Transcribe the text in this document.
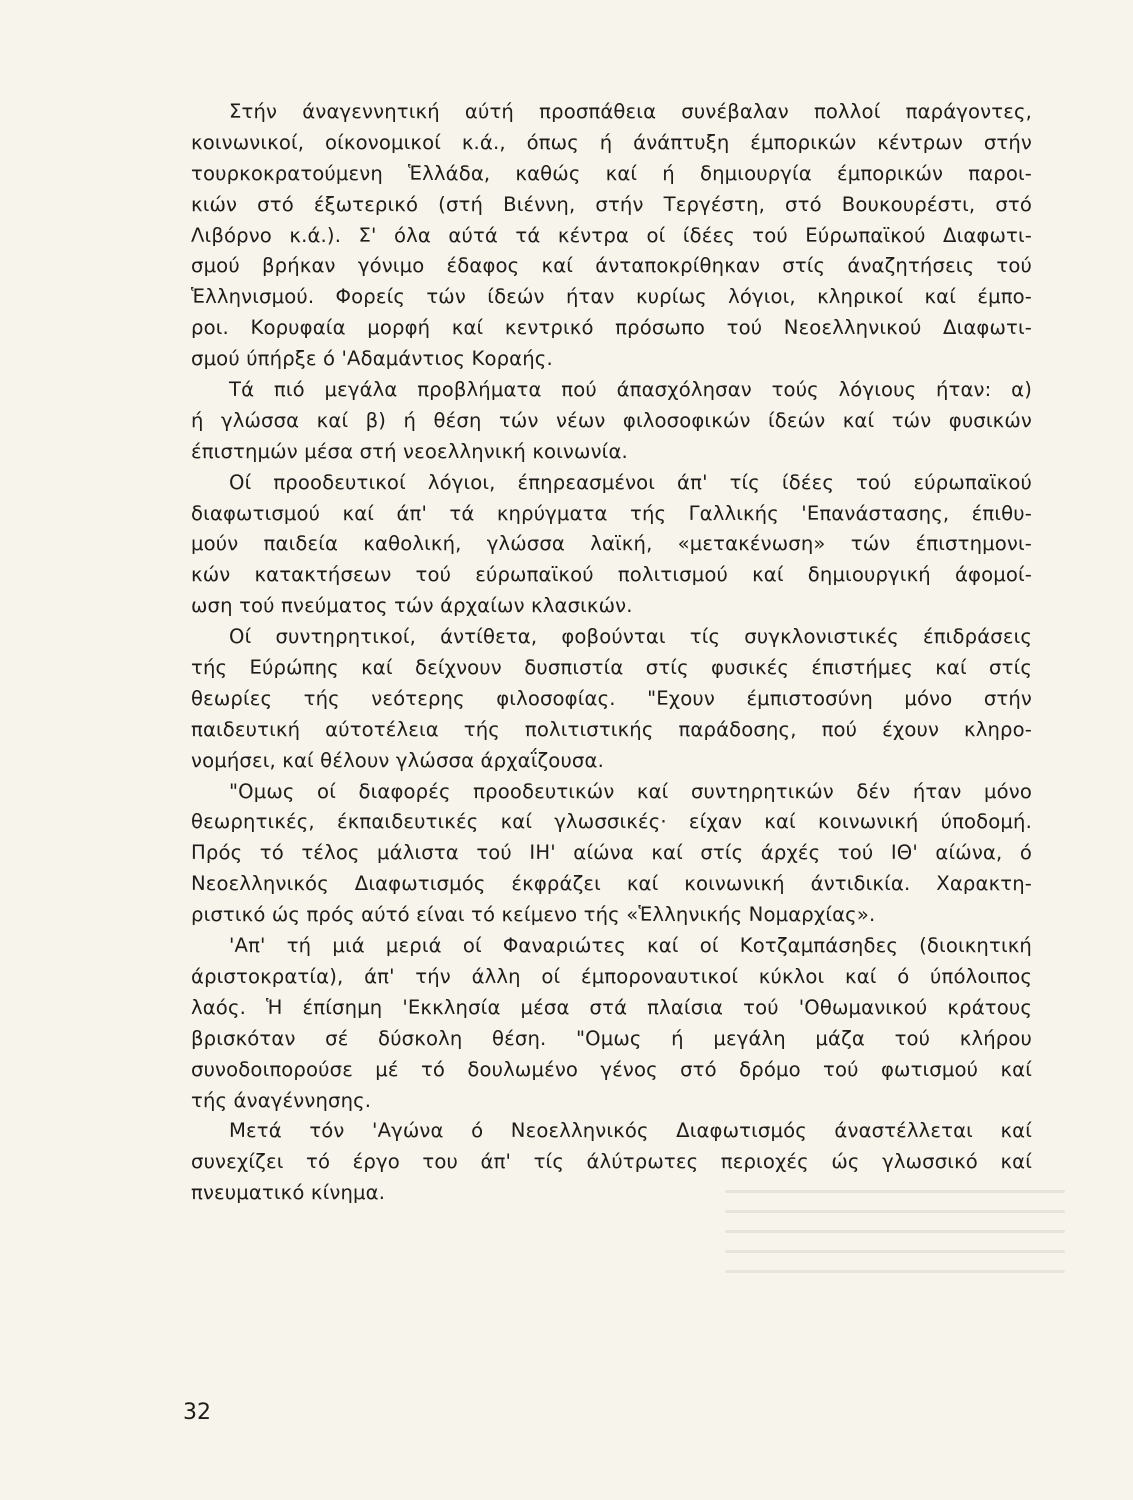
Στήν άναγεννητική αύτή προσπάθεια συνέβαλαν πολλοί παράγοντες,
κοινωνικοί, οίκονομικοί κ.ά., όπως ή άνάπτυξη έμπορικών κέντρων στήν
τουρκοκρατούμενη Ἑλλάδα, καθώς καί ή δημιουργία έμπορικών παροι-
κιών στό έξωτερικό (στή Βιέννη, στήν Τεργέστη, στό Βουκουρέστι, στό
Λιβόρνο κ.ά.). Σ' όλα αύτά τά κέντρα οί ίδέες τού Εύρωπαϊκού Διαφωτι-
σμού βρήκαν γόνιμο έδαφος καί άνταποκρίθηκαν στίς άναζητήσεις τού
Ἑλληνισμού. Φορείς τών ίδεών ήταν κυρίως λόγιοι, κληρικοί καί έμπο-
ροι. Κορυφαία μορφή καί κεντρικό πρόσωπο τού Νεοελληνικού Διαφωτι-
σμού ύπήρξε ό 'Αδαμάντιος Κοραής.
Τά πιό μεγάλα προβλήματα πού άπασχόλησαν τούς λόγιους ήταν: α)
ή γλώσσα καί β) ή θέση τών νέων φιλοσοφικών ίδεών καί τών φυσικών
έπιστημών μέσα στή νεοελληνική κοινωνία.
Οί προοδευτικοί λόγιοι, έπηρεασμένοι άπ' τίς ίδέες τού εύρωπαϊκού
διαφωτισμού καί άπ' τά κηρύγματα τής Γαλλικής 'Επανάστασης, έπιθυ-
μούν παιδεία καθολική, γλώσσα λαϊκή, «μετακένωση» τών έπιστημονι-
κών κατακτήσεων τού εύρωπαϊκού πολιτισμού καί δημιουργική άφομοί-
ωση τού πνεύματος τών άρχαίων κλασικών.
Οί συντηρητικοί, άντίθετα, φοβούνται τίς συγκλονιστικές έπιδράσεις
τής Εύρώπης καί δείχνουν δυσπιστία στίς φυσικές έπιστήμες καί στίς
θεωρίες τής νεότερης φιλοσοφίας. "Εχουν έμπιστοσύνη μόνο στήν
παιδευτική αύτοτέλεια τής πολιτιστικής παράδοσης, πού έχουν κληρο-
νομήσει, καί θέλουν γλώσσα άρχαΐζουσα.
"Ομως οί διαφορές προοδευτικών καί συντηρητικών δέν ήταν μόνο
θεωρητικές, έκπαιδευτικές καί γλωσσικές· είχαν καί κοινωνική ύποδομή.
Πρός τό τέλος μάλιστα τού ΙΗ' αίώνα καί στίς άρχές τού ΙΘ' αίώνα, ό
Νεοελληνικός Διαφωτισμός έκφράζει καί κοινωνική άντιδικία. Χαρακτη-
ριστικό ώς πρός αύτό είναι τό κείμενο τής «Ἑλληνικής Νομαρχίας».
'Απ' τή μιά μεριά οί Φαναριώτες καί οί Κοτζαμπάσηδες (διοικητική
άριστοκρατία), άπ' τήν άλλη οί έμποροναυτικοί κύκλοι καί ό ύπόλοιπος
λαός. Ἡ έπίσημη 'Εκκλησία μέσα στά πλαίσια τού 'Οθωμανικού κράτους
βρισκόταν σέ δύσκολη θέση. "Ομως ή μεγάλη μάζα τού κλήρου
συνοδοιπορούσε μέ τό δουλωμένο γένος στό δρόμο τού φωτισμού καί
τής άναγέννησης.
Μετά τόν 'Αγώνα ό Νεοελληνικός Διαφωτισμός άναστέλλεται καί
συνεχίζει τό έργο του άπ' τίς άλύτρωτες περιοχές ώς γλωσσικό καί
πνευματικό κίνημα.
32
